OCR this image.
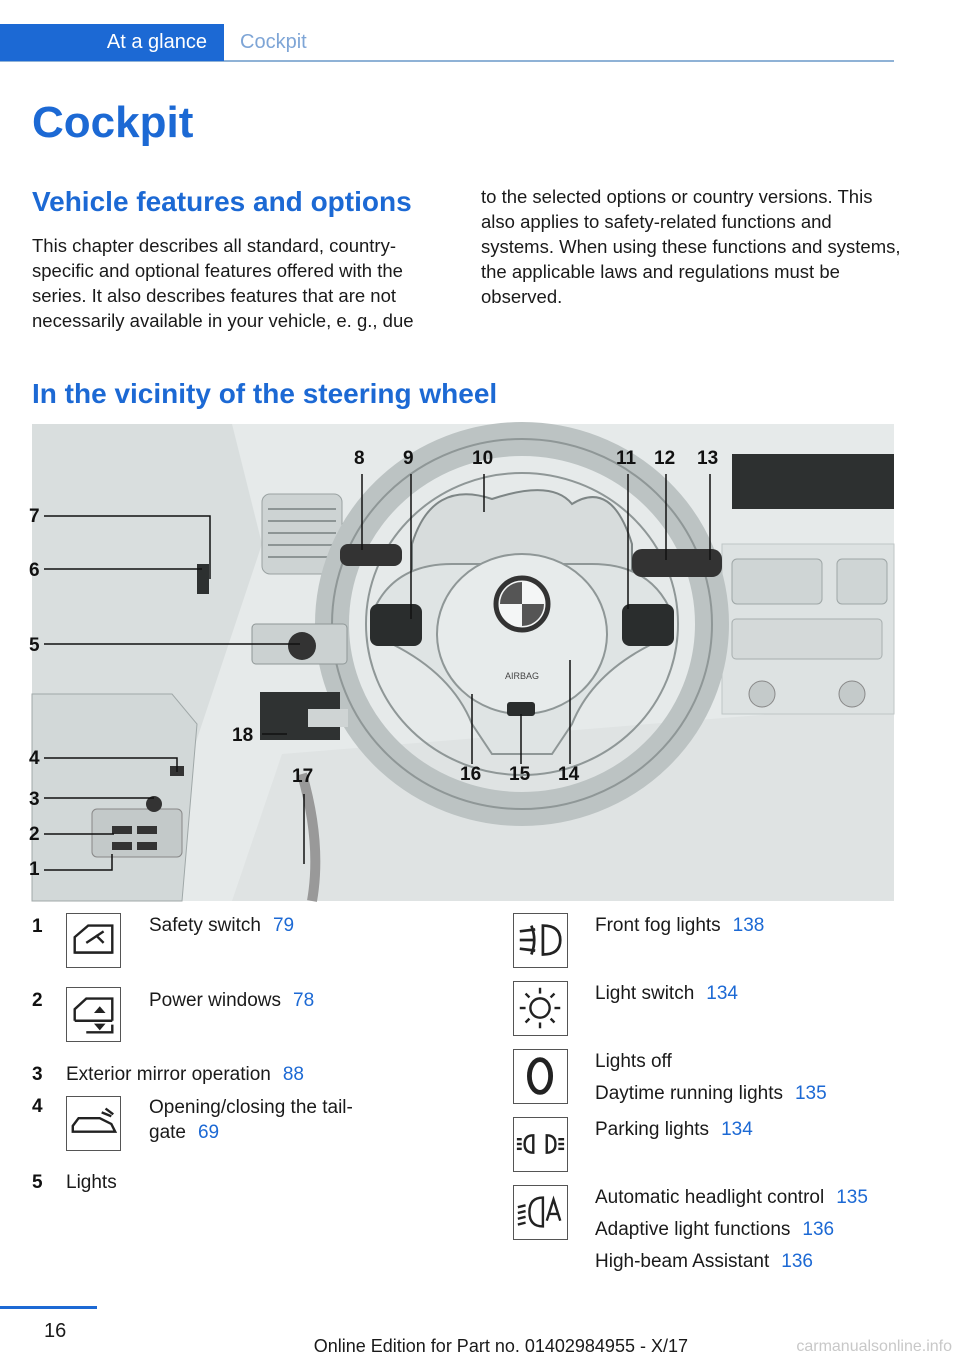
At a glance Cockpit
Cockpit
Vehicle features and options
This chapter describes all standard, country-specific and optional features offered with the series. It also describes features that are not necessarily available in your vehicle, e. g., due
to the selected options or country versions. This also applies to safety-related functions and systems. When using these functions and systems, the applicable laws and regulations must be observed.
In the vicinity of the steering wheel
AIRBAG
1
2
3
4
5
6
7
8 9	10	11 12 13
14
15
16
17
18
1	Safety switch 79
2	Power windows 78
3 Exterior mirror operation 88
4	Opening/closing the tail-
gate 69
5 Lights
Front fog lights 138
Light switch 134
Lights off
Daytime running lights 135
Parking lights 134
Automatic headlight control 135
Adaptive light functions 136
High-beam Assistant 136
16
Online Edition for Part no. 01402984955 - X/17	carmanualsonline.info
